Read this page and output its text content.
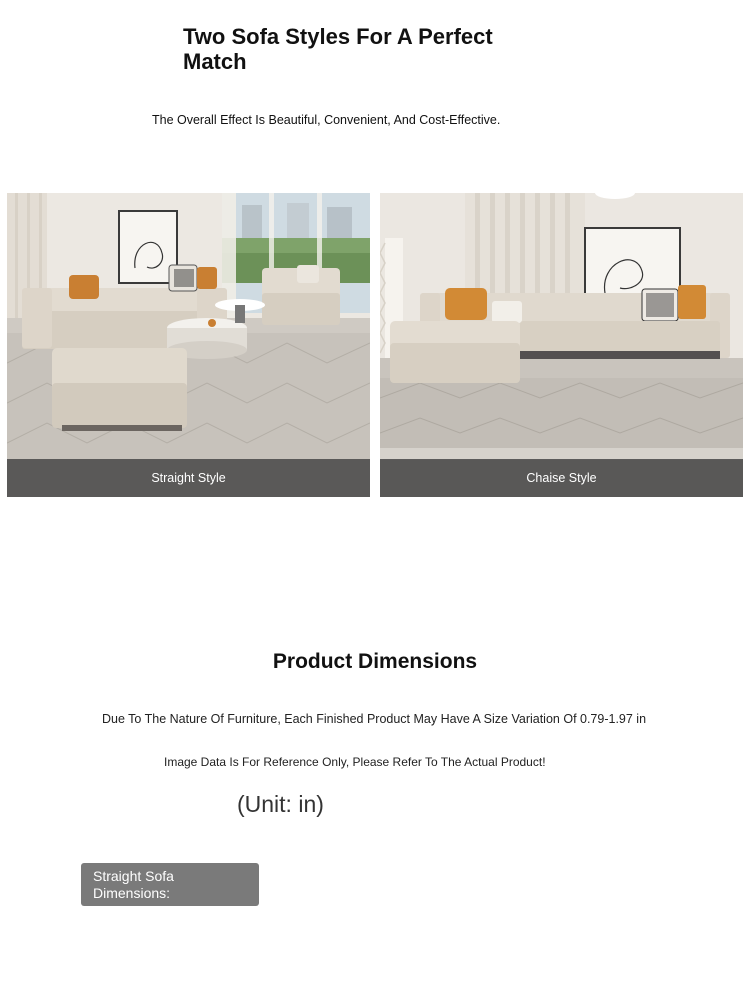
Two Sofa Styles For A Perfect Match

The Overall Effect Is Beautiful, Convenient, And Cost-Effective.

Straight Style	Chaise Style
Product Dimensions

Due To The Nature Of Furniture, Each Finished Product May Have A Size Variation Of 0.79-1.97 in

Image Data Is For Reference Only, Please Refer To The Actual Product!

(Unit: in)

Straight Sofa Dimensions:
